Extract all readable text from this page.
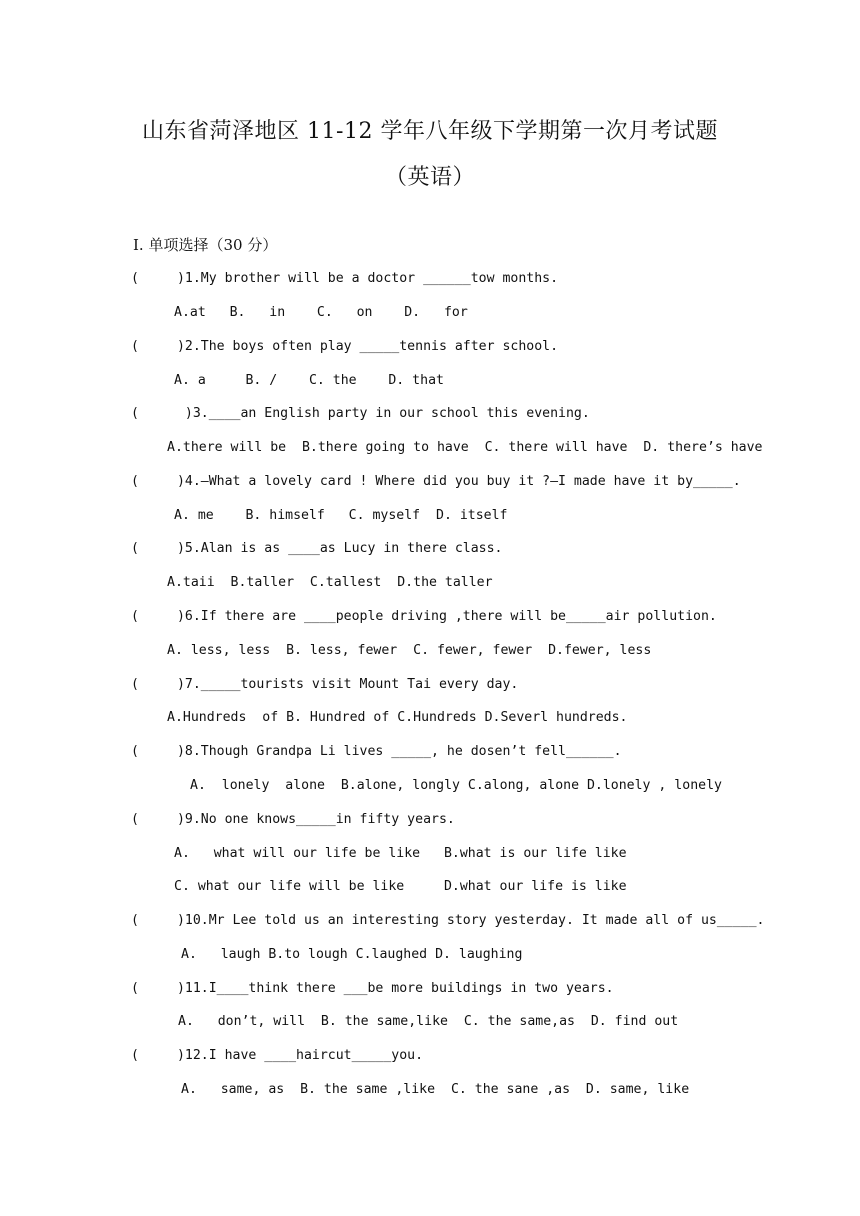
山东省菏泽地区 11-12 学年八年级下学期第一次月考试题
（英语）
Ⅰ. 单项选择（30 分）
( )1.My brother will be a doctor ______tow months.
A.at   B.   in    C.   on    D.   for
( )2.The boys often play _____tennis after school.
A. a     B. /    C. the    D. that
(  )3.____an English party in our school this evening.
A.there will be  B.there going to have  C. there will have  D. there’s have
( )4.—What a lovely card ! Where did you buy it ?—I made have it by_____.
A. me    B. himself   C. myself  D. itself
( )5.Alan is as ____as Lucy in there class.
A.taii  B.taller  C.tallest  D.the taller
( )6.If there are ____people driving ,there will be_____air pollution.
A. less, less  B. less, fewer  C. fewer, fewer  D.fewer, less
( )7._____tourists visit Mount Tai every day.
A.Hundreds  of B. Hundred of C.Hundreds D.Severl hundreds.
( )8.Though Grandpa Li lives _____, he dosen’t fell______.
A.  lonely  alone  B.alone, longly C.along, alone D.lonely , lonely
( )9.No one knows_____in fifty years.
A.   what will our life be like   B.what is our life like
C. what our life will be like     D.what our life is like
( )10.Mr Lee told us an interesting story yesterday. It made all of us_____.
A.   laugh B.to lough C.laughed D. laughing
( )11.I____think there ___be more buildings in two years.
A.   don’t, will  B. the same,like  C. the same,as  D. find out
( )12.I have ____haircut_____you.
A.   same, as  B. the same ,like  C. the sane ,as  D. same, like
